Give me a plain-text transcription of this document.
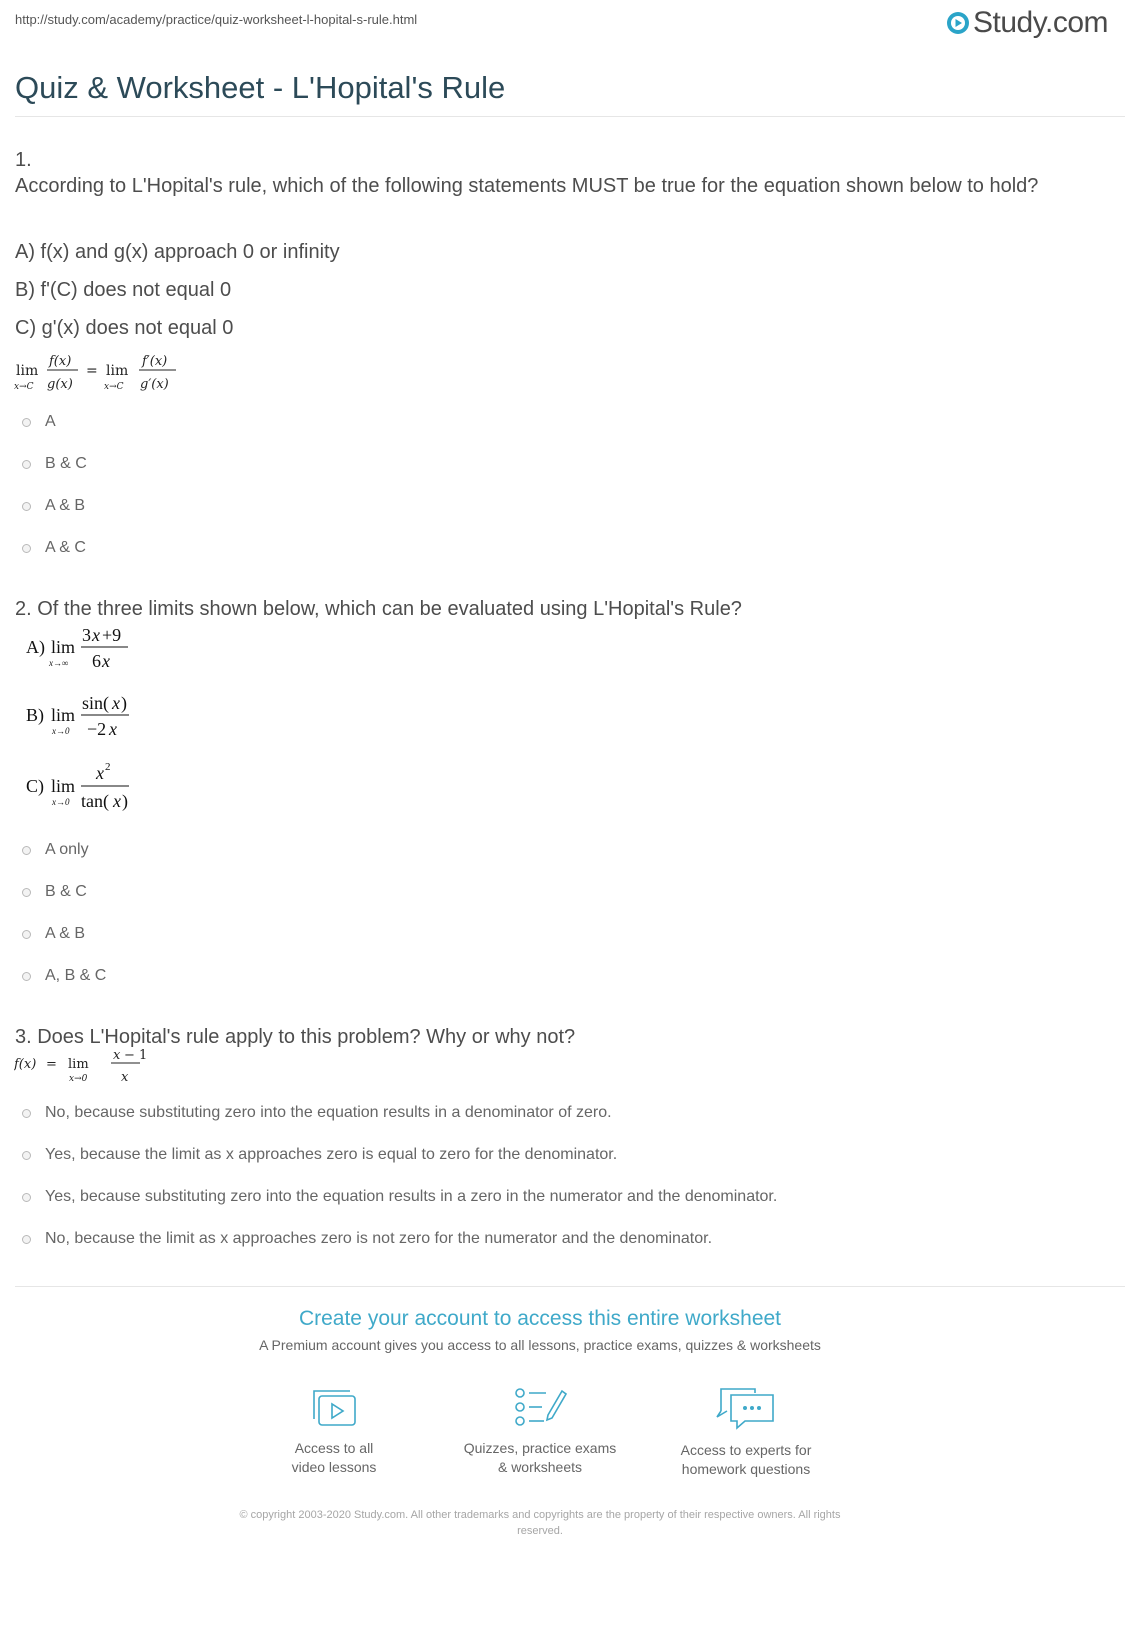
http://study.com/academy/practice/quiz-worksheet-l-hopital-s-rule.html	Study.com
Quiz & Worksheet - L'Hopital's Rule
1.

According to L'Hopital's rule, which of the following statements MUST be true for the equation shown below to hold?

A) f(x) and g(x) approach 0 or infinity
B) f'(C) does not equal 0
C) g'(x) does not equal 0
lim
x→C
f(x)
g(x)
= lim
x→C
f′(x)
g′(x)
A
B & C
A & B
A & C

2. Of the three limits shown below, which can be evaluated using L'Hopital's Rule?

A) lim
x→∞
3 x +9
6 x
B) lim
x→0
sin( x )
−2 x
C) lim
x→0
x 2
tan( x )
A only
B & C
A & B
A, B & C

3. Does L'Hopital's rule apply to this problem? Why or why not?

f(x) = lim
x→0
x − 1
x
No, because substituting zero into the equation results in a denominator of zero.
Yes, because the limit as x approaches zero is equal to zero for the denominator.
Yes, because substituting zero into the equation results in a zero in the numerator and the denominator.
No, because the limit as x approaches zero is not zero for the numerator and the denominator.
Create your account to access this entire worksheet
A Premium account gives you access to all lessons, practice exams, quizzes & worksheets
Access to all
video lessons
Quizzes, practice exams
& worksheets
Access to experts for
homework questions
© copyright 2003-2020 Study.com. All other trademarks and copyrights are the property of their respective owners. All rights
reserved.
